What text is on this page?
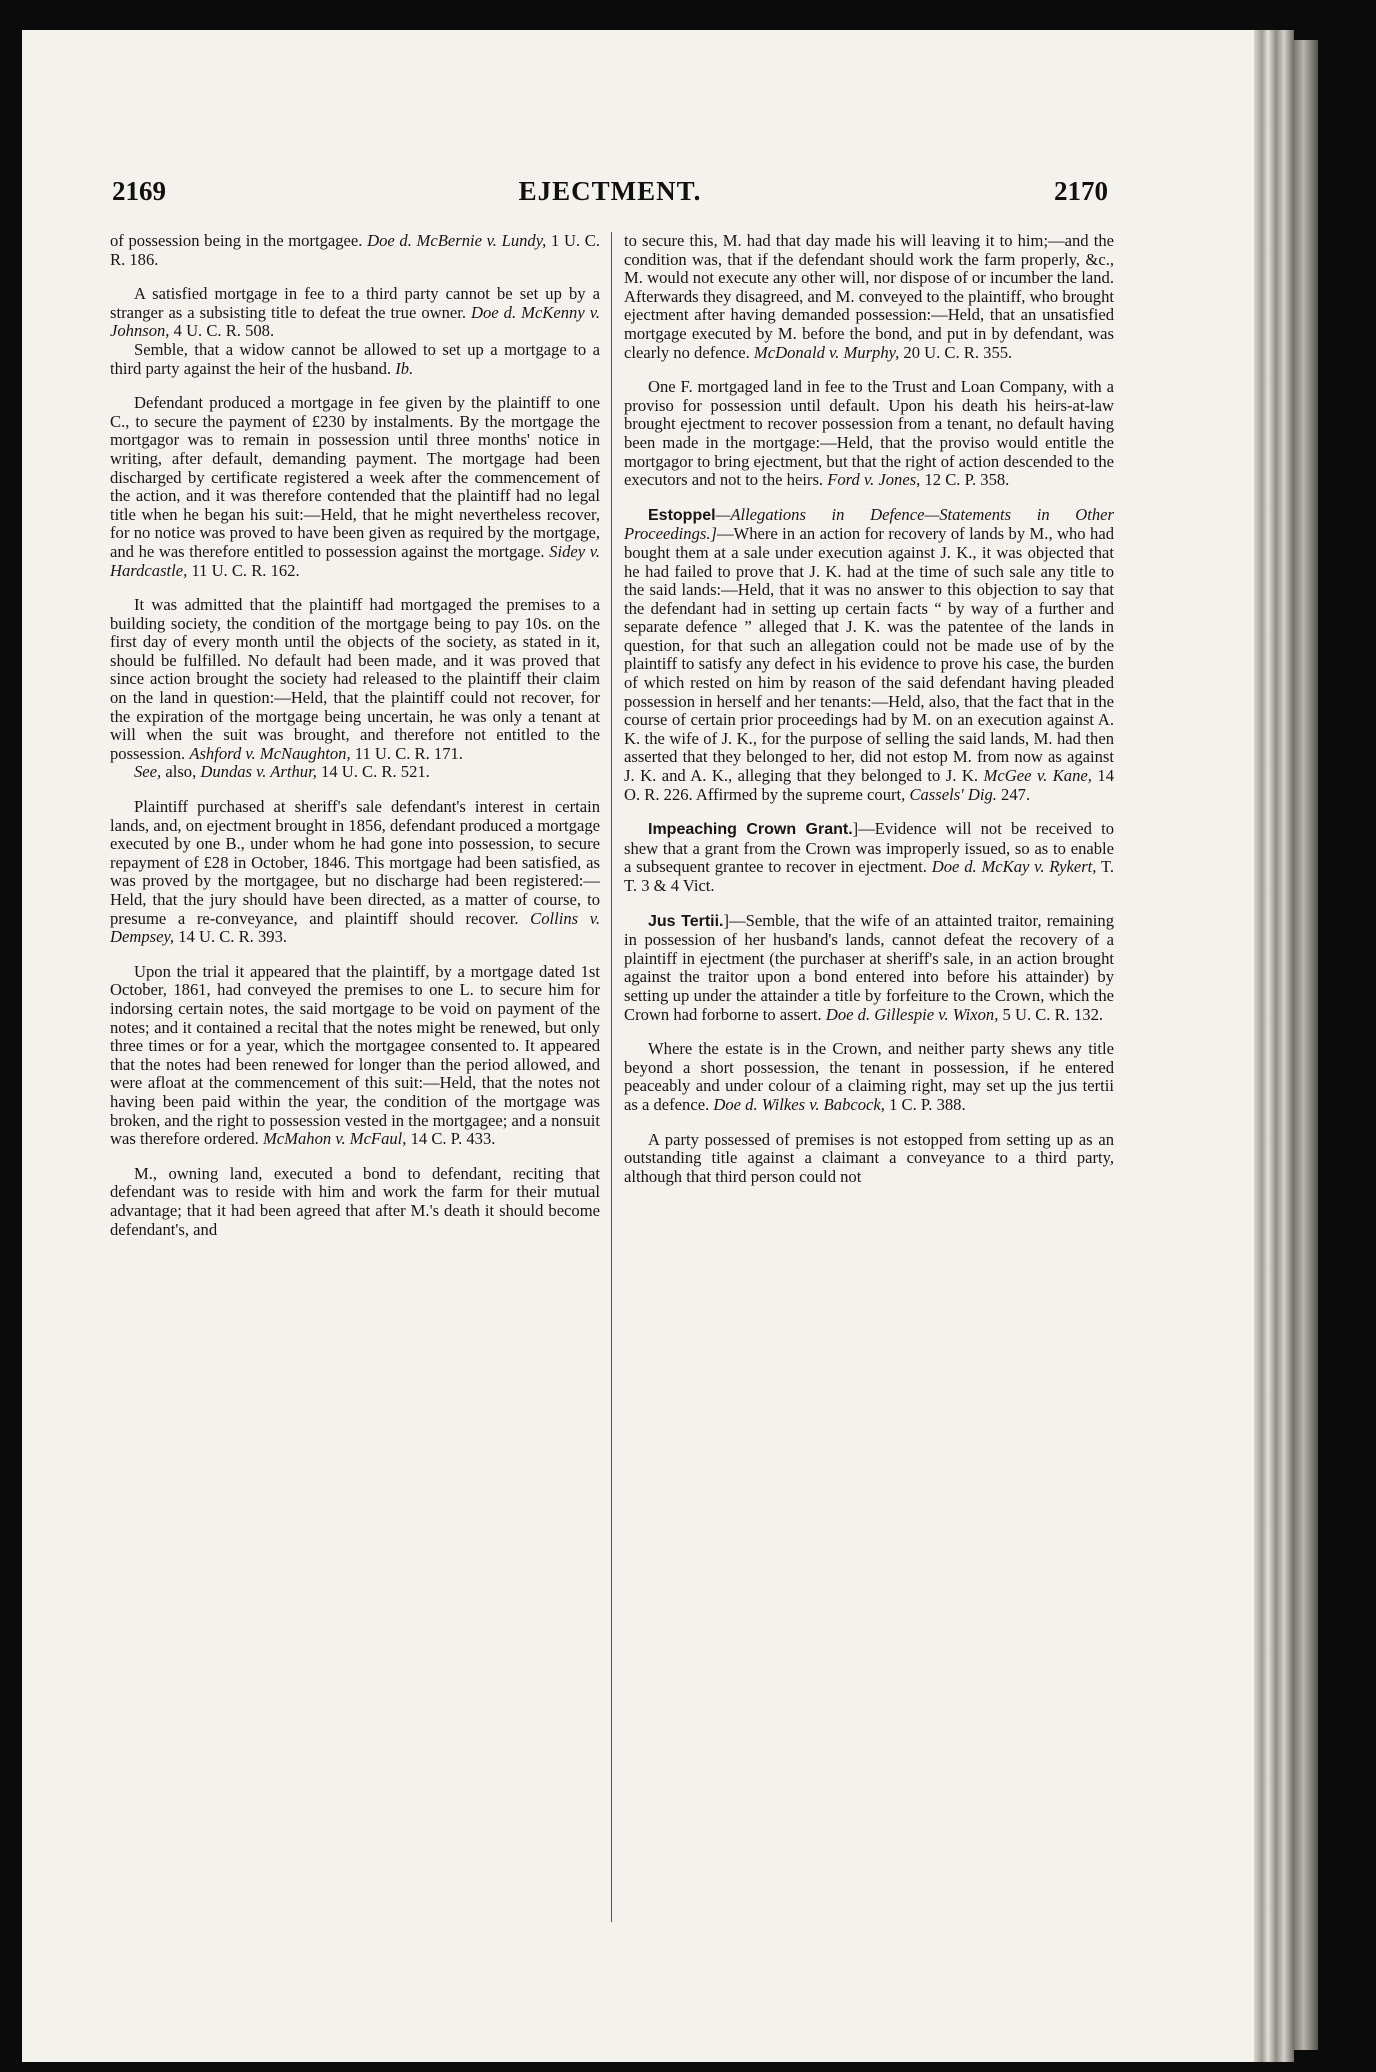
2169	EJECTMENT.	2170

of possession being in the mortgagee. Doe d. McBernie v. Lundy, 1 U. C. R. 186.

A satisfied mortgage in fee to a third party cannot be set up by a stranger as a subsisting title to defeat the true owner. Doe d. McKenny v. Johnson, 4 U. C. R. 508.

Semble, that a widow cannot be allowed to set up a mortgage to a third party against the heir of the husband. Ib.

Defendant produced a mortgage in fee given by the plaintiff to one C., to secure the payment of £230 by instalments. By the mortgage the mortgagor was to remain in possession until three months' notice in writing, after default, demanding payment. The mortgage had been discharged by certificate registered a week after the commencement of the action, and it was therefore contended that the plaintiff had no legal title when he began his suit:—Held, that he might nevertheless recover, for no notice was proved to have been given as required by the mortgage, and he was therefore entitled to possession against the mortgage. Sidey v. Hardcastle, 11 U. C. R. 162.

It was admitted that the plaintiff had mortgaged the premises to a building society, the condition of the mortgage being to pay 10s. on the first day of every month until the objects of the society, as stated in it, should be fulfilled. No default had been made, and it was proved that since action brought the society had released to the plaintiff their claim on the land in question:—Held, that the plaintiff could not recover, for the expiration of the mortgage being uncertain, he was only a tenant at will when the suit was brought, and therefore not entitled to the possession. Ashford v. McNaughton, 11 U. C. R. 171.

See, also, Dundas v. Arthur, 14 U. C. R. 521.

Plaintiff purchased at sheriff's sale defendant's interest in certain lands, and, on ejectment brought in 1856, defendant produced a mortgage executed by one B., under whom he had gone into possession, to secure repayment of £28 in October, 1846. This mortgage had been satisfied, as was proved by the mortgagee, but no discharge had been registered:—Held, that the jury should have been directed, as a matter of course, to presume a re-conveyance, and plaintiff should recover. Collins v. Dempsey, 14 U. C. R. 393.

Upon the trial it appeared that the plaintiff, by a mortgage dated 1st October, 1861, had conveyed the premises to one L. to secure him for indorsing certain notes, the said mortgage to be void on payment of the notes; and it contained a recital that the notes might be renewed, but only three times or for a year, which the mortgagee consented to. It appeared that the notes had been renewed for longer than the period allowed, and were afloat at the commencement of this suit:—Held, that the notes not having been paid within the year, the condition of the mortgage was broken, and the right to possession vested in the mortgagee; and a nonsuit was therefore ordered. McMahon v. McFaul, 14 C. P. 433.

M., owning land, executed a bond to defendant, reciting that defendant was to reside with him and work the farm for their mutual advantage; that it had been agreed that after M.'s death it should become defendant's, and

to secure this, M. had that day made his will leaving it to him;—and the condition was, that if the defendant should work the farm properly, &c., M. would not execute any other will, nor dispose of or incumber the land. Afterwards they disagreed, and M. conveyed to the plaintiff, who brought ejectment after having demanded possession:—Held, that an unsatisfied mortgage executed by M. before the bond, and put in by defendant, was clearly no defence. McDonald v. Murphy, 20 U. C. R. 355.

One F. mortgaged land in fee to the Trust and Loan Company, with a proviso for possession until default. Upon his death his heirs-at-law brought ejectment to recover possession from a tenant, no default having been made in the mortgage:—Held, that the proviso would entitle the mortgagor to bring ejectment, but that the right of action descended to the executors and not to the heirs. Ford v. Jones, 12 C. P. 358.

Estoppel—Allegations in Defence—Statements in Other Proceedings.]—Where in an action for recovery of lands by M., who had bought them at a sale under execution against J. K., it was objected that he had failed to prove that J. K. had at the time of such sale any title to the said lands:—Held, that it was no answer to this objection to say that the defendant had in setting up certain facts “ by way of a further and separate defence ” alleged that J. K. was the patentee of the lands in question, for that such an allegation could not be made use of by the plaintiff to satisfy any defect in his evidence to prove his case, the burden of which rested on him by reason of the said defendant having pleaded possession in herself and her tenants:—Held, also, that the fact that in the course of certain prior proceedings had by M. on an execution against A. K. the wife of J. K., for the purpose of selling the said lands, M. had then asserted that they belonged to her, did not estop M. from now as against J. K. and A. K., alleging that they belonged to J. K. McGee v. Kane, 14 O. R. 226. Affirmed by the supreme court, Cassels' Dig. 247.

Impeaching Crown Grant.]—Evidence will not be received to shew that a grant from the Crown was improperly issued, so as to enable a subsequent grantee to recover in ejectment. Doe d. McKay v. Rykert, T. T. 3 & 4 Vict.

Jus Tertii.]—Semble, that the wife of an attainted traitor, remaining in possession of her husband's lands, cannot defeat the recovery of a plaintiff in ejectment (the purchaser at sheriff's sale, in an action brought against the traitor upon a bond entered into before his attainder) by setting up under the attainder a title by forfeiture to the Crown, which the Crown had forborne to assert. Doe d. Gillespie v. Wixon, 5 U. C. R. 132.

Where the estate is in the Crown, and neither party shews any title beyond a short possession, the tenant in possession, if he entered peaceably and under colour of a claiming right, may set up the jus tertii as a defence. Doe d. Wilkes v. Babcock, 1 C. P. 388.

A party possessed of premises is not estopped from setting up as an outstanding title against a claimant a conveyance to a third party, although that third person could not
